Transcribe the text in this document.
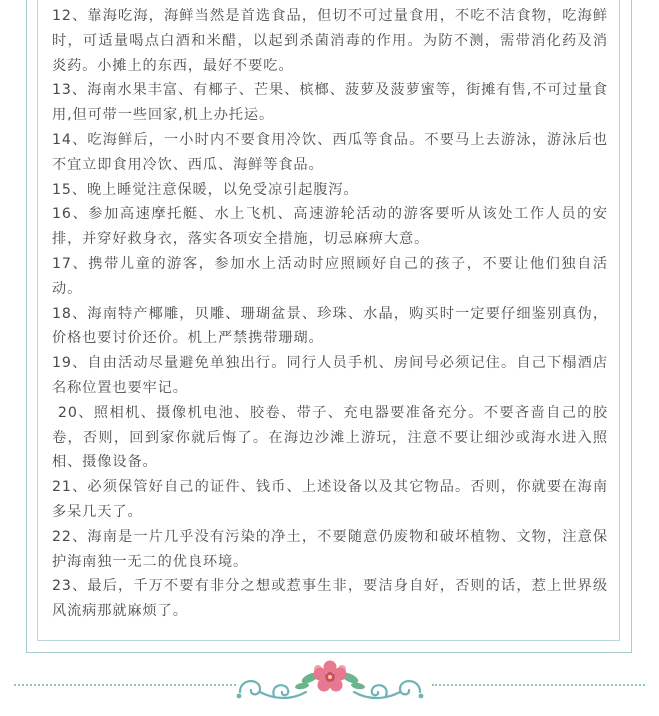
12、靠海吃海，海鲜当然是首选食品，但切不可过量食用，不吃不洁食物，吃海鲜时，可适量喝点白酒和米醋，以起到杀菌消毒的作用。为防不测，需带消化药及消炎药。小摊上的东西，最好不要吃。

13、海南水果丰富、有椰子、芒果、槟榔、菠萝及菠萝蜜等，街摊有售,不可过量食用,但可带一些回家,机上办托运。

14、吃海鲜后，一小时内不要食用冷饮、西瓜等食品。不要马上去游泳，游泳后也不宜立即食用冷饮、西瓜、海鲜等食品。

15、晚上睡觉注意保暖，以免受凉引起腹泻。

16、参加高速摩托艇、水上飞机、高速游轮活动的游客要听从该处工作人员的安排，并穿好救身衣，落实各项安全措施，切忌麻痹大意。

17、携带儿童的游客，参加水上活动时应照顾好自己的孩子，不要让他们独自活动。

18、海南特产椰雕，贝雕、珊瑚盆景、珍珠、水晶，购买时一定要仔细鉴别真伪，价格也要讨价还价。机上严禁携带珊瑚。

19、自由活动尽量避免单独出行。同行人员手机、房间号必须记住。自己下榻酒店名称位置也要牢记。

20、照相机、摄像机电池、胶卷、带子、充电器要准备充分。不要吝啬自己的胶卷，否则，回到家你就后悔了。在海边沙滩上游玩，注意不要让细沙或海水进入照相、摄像设备。

21、必须保管好自己的证件、钱币、上述设备以及其它物品。否则，你就要在海南多呆几天了。

22、海南是一片几乎没有污染的净土，不要随意仍废物和破坏植物、文物，注意保护海南独一无二的优良环境。

23、最后，千万不要有非分之想或惹事生非，要洁身自好，否则的话，惹上世界级风流病那就麻烦了。
